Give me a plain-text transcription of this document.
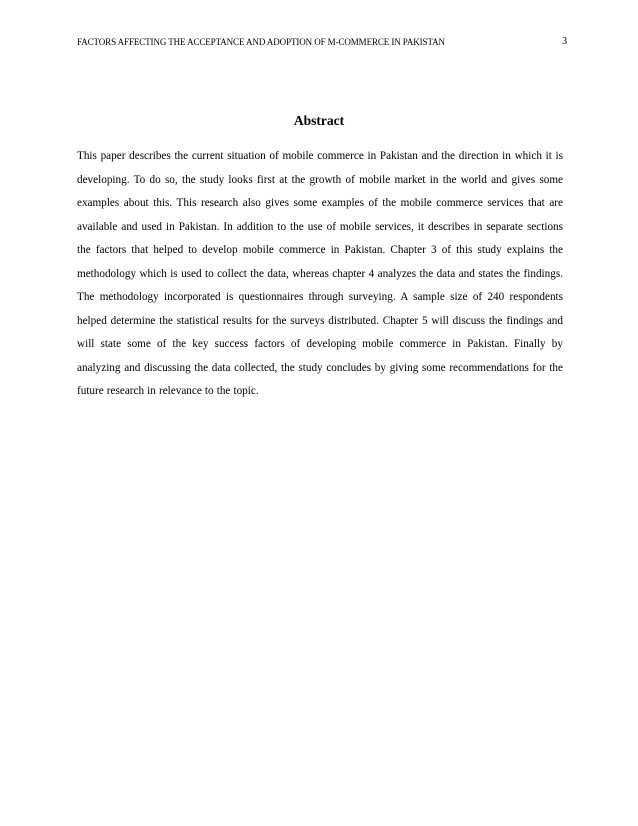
FACTORS AFFECTING THE ACCEPTANCE AND ADOPTION OF M-COMMERCE IN PAKISTAN	3
Abstract

This paper describes the current situation of mobile commerce in Pakistan and the direction in which it is developing. To do so, the study looks first at the growth of mobile market in the world and gives some examples about this. This research also gives some examples of the mobile commerce services that are available and used in Pakistan. In addition to the use of mobile services, it describes in separate sections the factors that helped to develop mobile commerce in Pakistan. Chapter 3 of this study explains the methodology which is used to collect the data, whereas chapter 4 analyzes the data and states the findings. The methodology incorporated is questionnaires through surveying. A sample size of 240 respondents helped determine the statistical results for the surveys distributed. Chapter 5 will discuss the findings and will state some of the key success factors of developing mobile commerce in Pakistan. Finally by analyzing and discussing the data collected, the study concludes by giving some recommendations for the future research in relevance to the topic.
